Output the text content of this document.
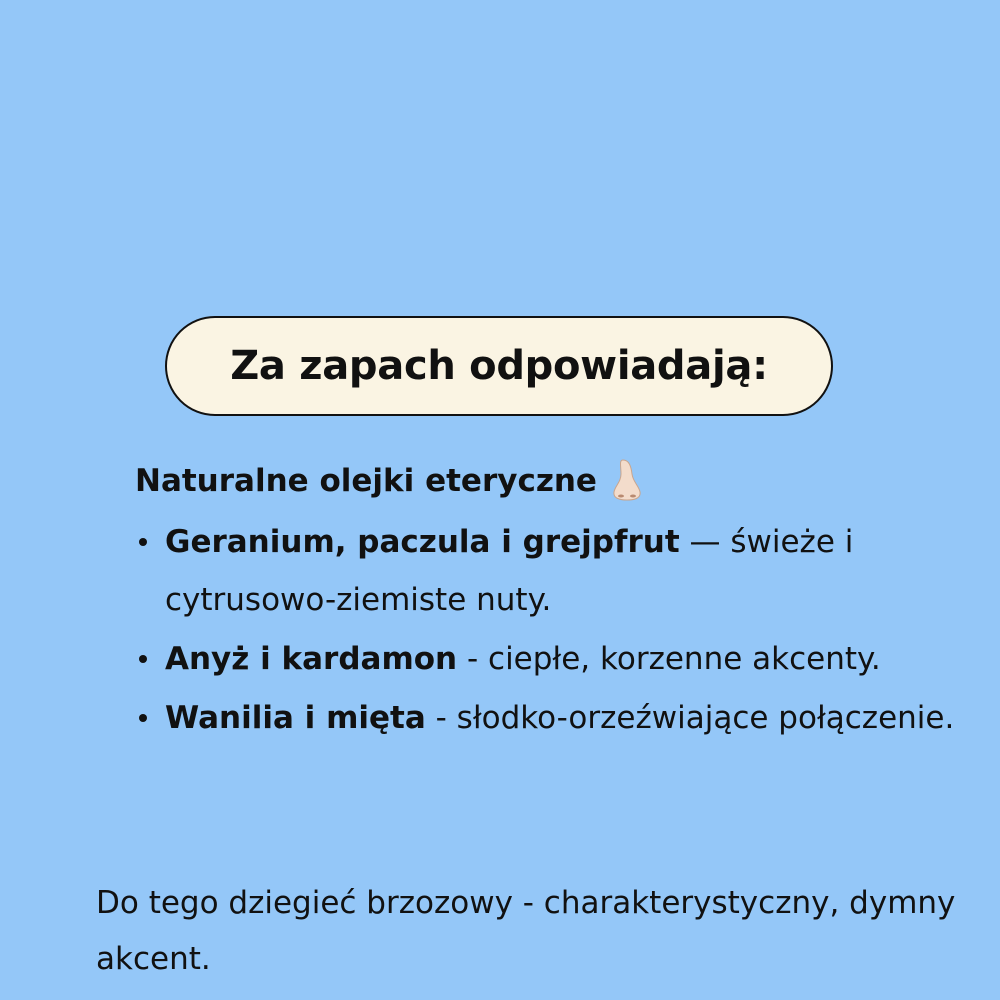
Za zapach odpowiadają:
Naturalne olejki eteryczne
Geranium, paczula i grejpfrut — świeże i cytrusowo-ziemiste nuty.
Anyż i kardamon - ciepłe, korzenne akcenty.
Wanilia i mięta - słodko-orzeźwiające połączenie.

Do tego dziegieć brzozowy - charakterystyczny, dymny akcent.
